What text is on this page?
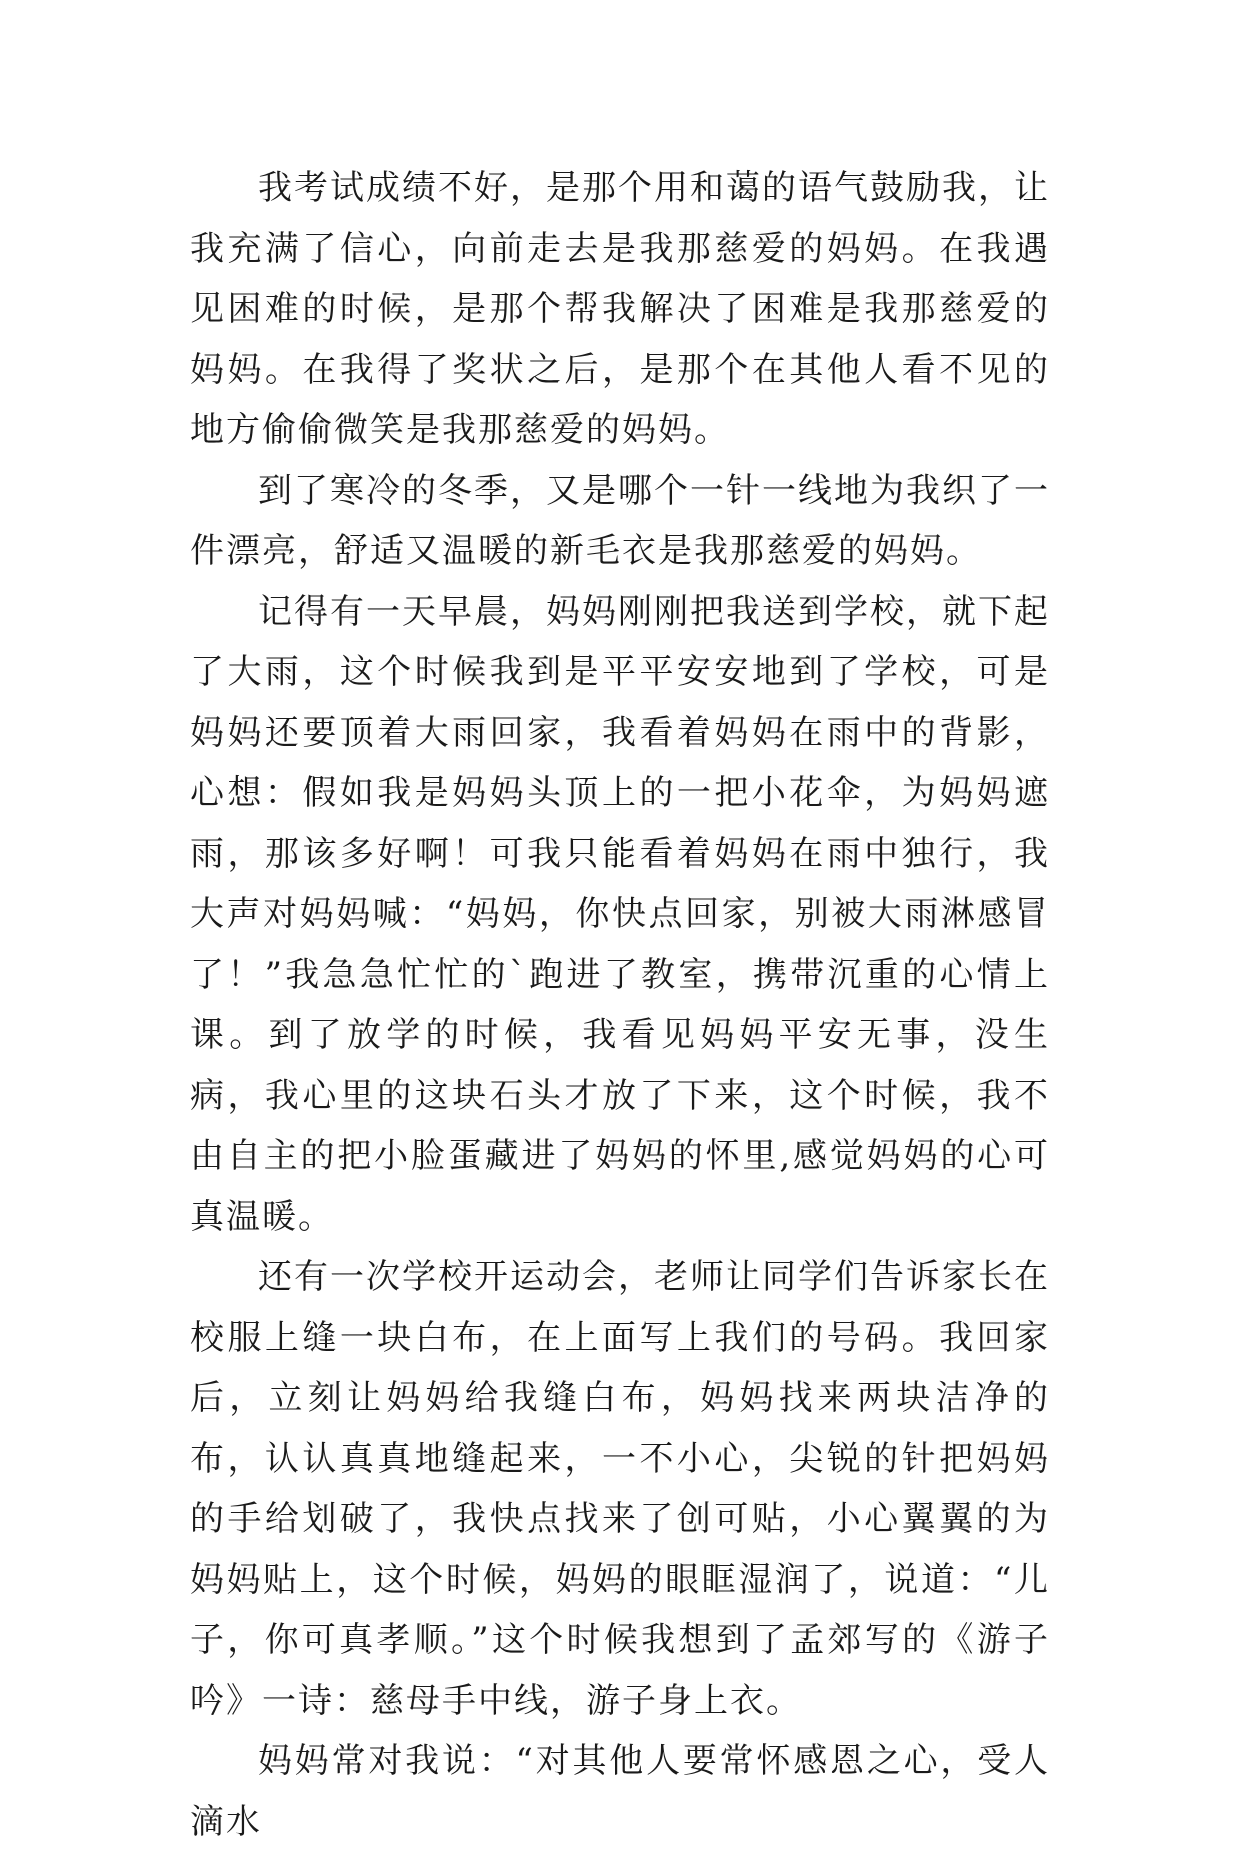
我考试成绩不好，是那个用和蔼的语气鼓励我，让我充满了信心，向前走去是我那慈爱的妈妈。在我遇见困难的时候，是那个帮我解决了困难是我那慈爱的妈妈。在我得了奖状之后，是那个在其他人看不见的地方偷偷微笑是我那慈爱的妈妈。

到了寒冷的冬季，又是哪个一针一线地为我织了一件漂亮，舒适又温暖的新毛衣是我那慈爱的妈妈。

记得有一天早晨，妈妈刚刚把我送到学校，就下起了大雨，这个时候我到是平平安安地到了学校，可是妈妈还要顶着大雨回家，我看着妈妈在雨中的背影，心想：假如我是妈妈头顶上的一把小花伞，为妈妈遮雨，那该多好啊！可我只能看着妈妈在雨中独行，我大声对妈妈喊：“妈妈，你快点回家，别被大雨淋感冒了！”我急急忙忙的`跑进了教室，携带沉重的心情上课。到了放学的时候，我看见妈妈平安无事，没生病，我心里的这块石头才放了下来，这个时候，我不由自主的把小脸蛋藏进了妈妈的怀里,感觉妈妈的心可真温暖。

还有一次学校开运动会，老师让同学们告诉家长在校服上缝一块白布，在上面写上我们的号码。我回家后，立刻让妈妈给我缝白布，妈妈找来两块洁净的布，认认真真地缝起来，一不小心，尖锐的针把妈妈的手给划破了，我快点找来了创可贴，小心翼翼的为妈妈贴上，这个时候，妈妈的眼眶湿润了，说道：“儿子，你可真孝顺。”这个时候我想到了孟郊写的《游子吟》一诗：慈母手中线，游子身上衣。

妈妈常对我说：“对其他人要常怀感恩之心，受人滴水
